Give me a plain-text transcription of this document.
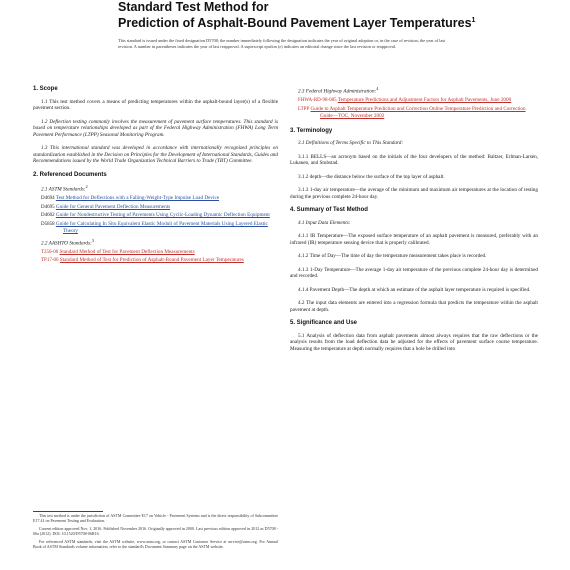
Standard Test Method for
Prediction of Asphalt-Bound Pavement Layer Temperatures$^1$
This standard is issued under the fixed designation D5708; the number immediately following the designation indicates the year of original adoption or, in the case of revision, the year of last revision. A number in parentheses indicates the year of last reapproval. A superscript epsilon (ε) indicates an editorial change since the last revision or reapproval.
1. Scope

1.1 This test method covers a means of predicting temperatures within the asphalt-bound layer(s) of a flexible pavement section.

1.2 Deflection testing commonly involves the measurement of pavement surface temperatures. This standard is based on temperature relationships developed as part of the Federal Highway Administration (FHWA) Long Term Pavement Performance (LTPP) Seasonal Monitoring Program.

1.3 This international standard was developed in accordance with internationally recognized principles on standardization established in the Decision on Principles for the Development of International Standards, Guides and Recommendations issued by the World Trade Organization Technical Barriers to Trade (TBT) Committee.

2. Referenced Documents
2.1 ASTM Standards:$^2$
D4694 Test Method for Deflections with a Falling-Weight-Type Impulse Load Device
D4695 Guide for General Pavement Deflection Measurements
D4602 Guide for Nondestructive Testing of Pavements Using Cyclic-Loading Dynamic Deflection Equipment
D5858 Guide for Calculating In Situ Equivalent Elastic Moduli of Pavement Materials Using Layered Elastic Theory
2.2 AASHTO Standards:$^3$
T256-00 Standard Method of Test for Pavement Deflection Measurements
TP17-00 Standard Method of Test for Prediction of Asphalt-Bound Pavement Layer Temperatures
2.3 Federal Highway Administration:$^4$
FHWA-RD-98-085 Temperature Predictions and Adjustment Factors for Asphalt Pavements, June 2000
LTPP Guide to Asphalt Temperature Prediction and Correction Online Temperature Prediction and Correction Guide—TOC, November 2002
3. Terminology

3.1 Definitions of Terms Specific to This Standard:

3.1.1 BELLS—an acronym based on the initials of the four developers of the method: Baltzer, Erlman-Larsen, Lukanen, and Stubstad.

3.1.2 depth—the distance below the surface of the top layer of asphalt.

3.1.3 1-day air temperature—the average of the minimum and maximum air temperatures at the location of testing during the previous complete 24-hour day.

4. Summary of Test Method

4.1 Input Data Elements:

4.1.1 IR Temperature—The exposed surface temperature of an asphalt pavement is measured, preferably with an infrared (IR) temperature sensing device that is properly calibrated.

4.1.2 Time of Day—The time of day the temperature measurement takes place is recorded.

4.1.3 1-Day Temperature—The average 1-day air temperature of the previous complete 24-hour day is determined and recorded.

4.1.4 Pavement Depth—The depth at which an estimate of the asphalt layer temperature is required is specified.

4.2 The input data elements are entered into a regression formula that predicts the temperature within the asphalt pavement at depth.

5. Significance and Use

5.1 Analysis of deflection data from asphalt pavements almost always requires that the raw deflections or the analysis results from the load deflection data be adjusted for the effects of pavement surface course temperature. Measuring the temperature at depth normally requires that a hole be drilled into

This test method is under the jurisdiction of ASTM Committee E17 on Vehicle - Pavement Systems and is the direct responsibility of Subcommittee E17.41 on Pavement Testing and Evaluation.

Current edition approved Nov. 1, 2016. Published November 2016. Originally approved in 2000. Last previous edition approved in 2012 as D5708 - 06a (2012). DOI: 10.1520/D5708-06R16.

For referenced ASTM standards, visit the ASTM website, www.astm.org, or contact ASTM Customer Service at service@astm.org. For Annual Book of ASTM Standards volume information, refer to the standard's Document Summary page on the ASTM website.
